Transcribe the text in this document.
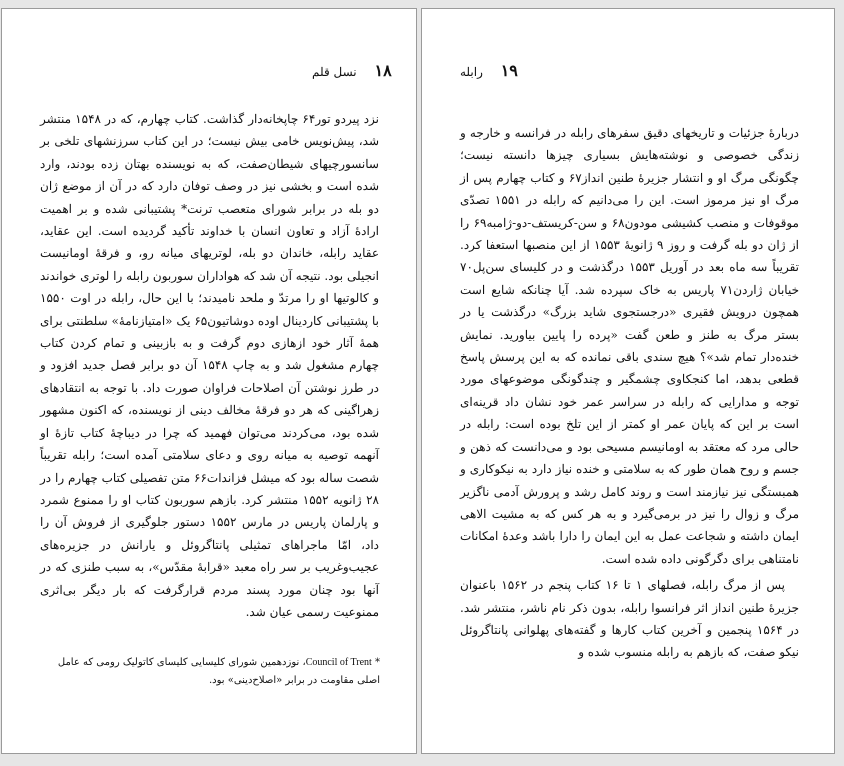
۱۸    نسل قلم

نزد پیردو تور۶۴ چاپخانه‌دار گذاشت. کتاب چهارم، که در ۱۵۴۸ منتشر شد، پیش‌نویس خامی بیش نیست؛ در این کتاب سرزنشهای تلخی بر سانسورچیهای شیطان‌صفت، که به نویسنده بهتان زده بودند، وارد شده است و بخشی نیز در وصف توفان دارد که در آن از موضع ژان دو بله در برابر شورای متعصب ترنت* پشتیبانی شده و بر اهمیت ارادهٔ آزاد و تعاون انسان با خداوند تأکید گردیده است. این عقاید، عقاید رابله، خاندان دو بله، لوتریهای میانه رو، و فرقهٔ اومانیست انجیلی بود. نتیجه آن شد که هواداران سوربون رابله را لوتری خواندند و کالوتیها او را مرتدّ و ملحد نامیدند؛ با این حال، رابله در اوت ۱۵۵۰ با پشتیبانی کاردینال اوده دوشاتیون۶۵ یک «امتیازنامهٔ» سلطنتی برای همهٔ آثار خود ازهازی دوم گرفت و به بازبینی و تمام کردن کتاب چهارم مشغول شد و به چاپ ۱۵۴۸ آن دو برابر فصل جدید افزود و در طرز نوشتن آن اصلاحات فراوان صورت داد. با توجه به انتقادهای زهراگینی که هر دو فرقهٔ مخالف دینی از نویسنده، که اکنون مشهور شده بود، می‌کردند می‌توان فهمید که چرا در دیباچهٔ کتاب تازهٔ او آنهمه توصیه به میانه روی و دعای سلامتی آمده است؛ رابله تقریباً شصت ساله بود که میشل فزاندات۶۶ متن تفصیلی کتاب چهارم را در ۲۸ ژانویه ۱۵۵۲ منتشر کرد. بازهم سوربون کتاب او را ممنوع شمرد و پارلمان پاریس در مارس ۱۵۵۲ دستور جلوگیری از فروش آن را داد، امّا ماجراهای تمثیلی پانتاگروئل و یارانش در جزیره‌های عجیب‌وغریب بر سر راه معبد «قرابهٔ مقدّس»، به سبب طنزی که در آنها بود چنان مورد پسند مردم قرارگرفت که بار دیگر بی‌اثری ممنوعیت رسمی عیان شد.

* Council of Trent، نوزدهمین شورای کلیسایی کلیسای کاتولیک رومی که عامل اصلی مقاومت در برابر «اصلاح‌دینی» بود.
۱۹    رابله

دربارهٔ جزئیات و تاریخهای دقیق سفرهای رابله در فرانسه و خارجه و زندگی خصوصی و نوشته‌هایش بسیاری چیزها دانسته نیست؛ چگونگی مرگ او و انتشار جزیرهٔ طنین انداز۶۷ و کتاب چهارم پس از مرگ او نیز مرموز است. این را می‌دانیم که رابله در ۱۵۵۱ تصدّی موقوفات و منصب کشیشی مودون۶۸ و سن-کریستف-دو-ژامبه۶۹ را از ژان دو بله گرفت و روز ۹ ژانویهٔ ۱۵۵۳ از این منصبها استعفا کرد. تقریباً سه ماه بعد در آوریل ۱۵۵۳ درگذشت و در کلیسای سن‌پل۷۰ خیابان ژاردن۷۱ پاریس به خاک سپرده شد. آیا چنانکه شایع است همچون درویش فقیری «درجستجوی شاید بزرگ» درگذشت یا در بستر مرگ به طنز و طعن گفت «پرده را پایین بیاورید. نمایش خنده‌دار تمام شد»؟ هیچ سندی باقی نمانده که به این پرسش پاسخ قطعی بدهد، اما کنجکاوی چشمگیر و چندگونگی موضوعهای مورد توجه و مدارایی که رابله در سراسر عمر خود نشان داد قرینه‌ای است بر این که پایان عمر او کمتر از این تلخ بوده است: رابله در حالی مرد که معتقد به اومانیسم مسیحی بود و می‌دانست که ذهن و جسم و روح همان طور که به سلامتی و خنده نیاز دارد به نیکوکاری و همبستگی نیز نیازمند است و روند کامل رشد و پرورش آدمی ناگزیر مرگ و زوال را نیز در برمی‌گیرد و به هر کس که به مشیت الاهی ایمان داشته و شجاعت عمل به این ایمان را دارا باشد وعدهٔ امکانات نامتناهی برای دگرگونی داده شده است.

پس از مرگ رابله، فصلهای ۱ تا ۱۶ کتاب پنجم در ۱۵۶۲ باعنوان جزیرهٔ طنین انداز اثر فرانسوا رابله، بدون ذکر نام ناشر، منتشر شد. در ۱۵۶۴ پنجمین و آخرین کتاب کارها و گفته‌های پهلوانی پانتاگروئل نیکو صفت، که بازهم به رابله منسوب شده و
